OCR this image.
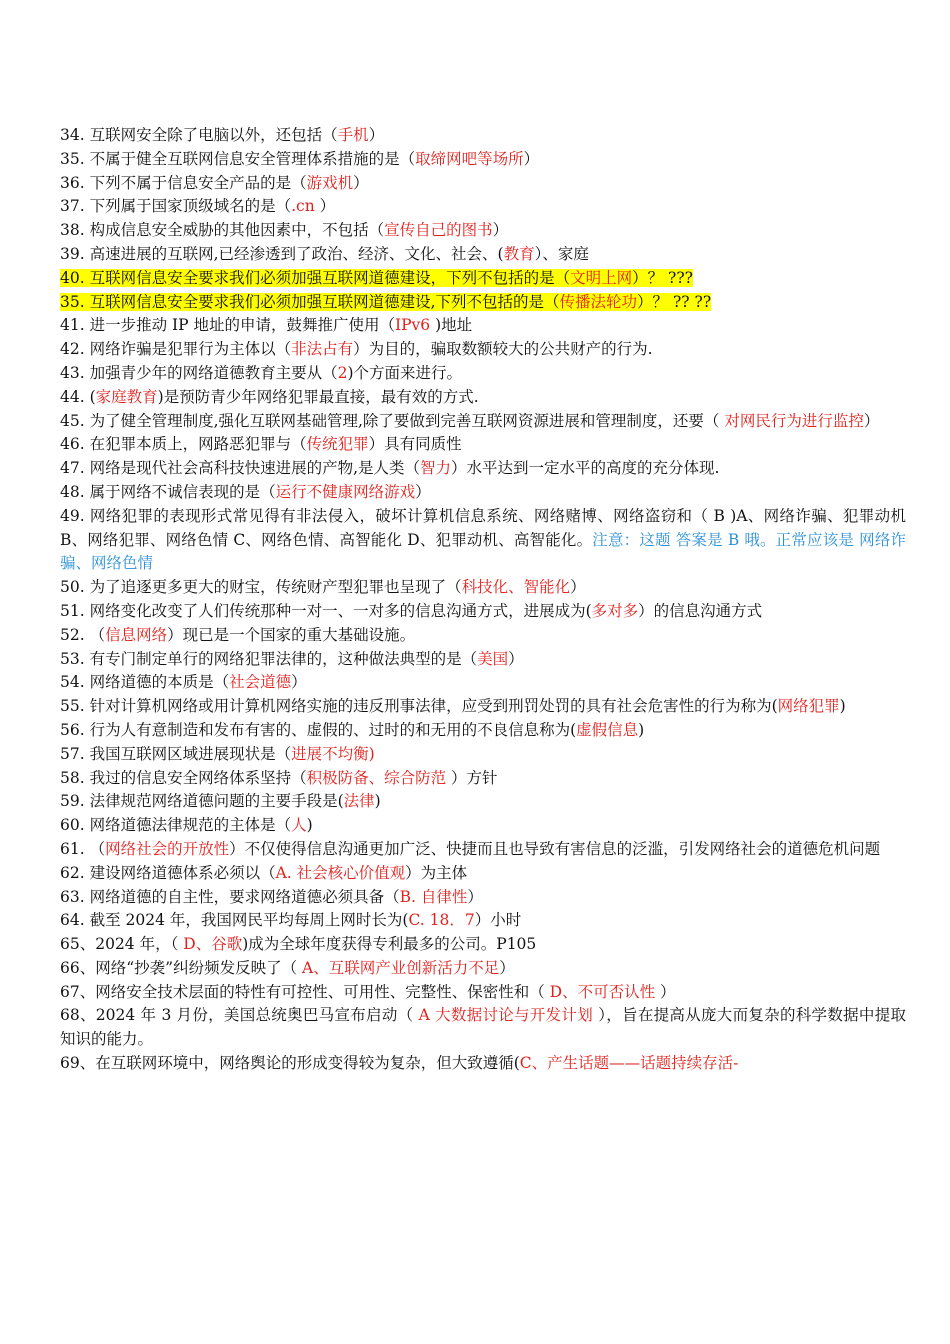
34. 互联网安全除了电脑以外，还包括（手机）
35. 不属于健全互联网信息安全管理体系措施的是（取缔网吧等场所）
36. 下列不属于信息安全产品的是（游戏机）
37. 下列属于国家顶级域名的是（.cn ）
38. 构成信息安全威胁的其他因素中，不包括（宣传自己的图书）
39. 高速进展的互联网,已经渗透到了政治、经济、文化、社会、(教育）、家庭
40. 互联网信息安全要求我们必须加强互联网道德建设，下列不包括的是（文明上网）？ ???
35. 互联网信息安全要求我们必须加强互联网道德建设,下列不包括的是（传播法轮功）？ ?? ??
41. 进一步推动 IP 地址的申请，鼓舞推广使用（IPv6 )地址
42. 网络诈骗是犯罪行为主体以（非法占有）为目的，骗取数额较大的公共财产的行为.
43. 加强青少年的网络道德教育主要从（2)个方面来进行。
44. (家庭教育)是预防青少年网络犯罪最直接，最有效的方式.
45. 为了健全管理制度,强化互联网基础管理,除了要做到完善互联网资源进展和管理制度，还要（ 对网民行为进行监控）
46. 在犯罪本质上，网路恶犯罪与（传统犯罪）具有同质性
47. 网络是现代社会高科技快速进展的产物,是人类（智力）水平达到一定水平的高度的充分体现.
48. 属于网络不诚信表现的是（运行不健康网络游戏）
49. 网络犯罪的表现形式常见得有非法侵入，破坏计算机信息系统、网络赌博、网络盗窃和（ B )A、网络诈骗、犯罪动机 B、网络犯罪、网络色情 C、网络色情、高智能化 D、犯罪动机、高智能化。注意：这题 答案是 B 哦。正常应该是 网络诈骗、网络色情
50. 为了追逐更多更大的财宝，传统财产型犯罪也呈现了（科技化、智能化）
51. 网络变化改变了人们传统那种一对一、一对多的信息沟通方式，进展成为(多对多）的信息沟通方式
52. （信息网络）现已是一个国家的重大基础设施。
53. 有专门制定单行的网络犯罪法律的，这种做法典型的是（美国）
54. 网络道德的本质是（社会道德）
55. 针对计算机网络或用计算机网络实施的违反刑事法律，应受到刑罚处罚的具有社会危害性的行为称为(网络犯罪)
56. 行为人有意制造和发布有害的、虚假的、过时的和无用的不良信息称为(虚假信息)
57. 我国互联网区域进展现状是（进展不均衡)
58. 我过的信息安全网络体系坚持（积极防备、综合防范 ）方针
59. 法律规范网络道德问题的主要手段是(法律)
60. 网络道德法律规范的主体是（人)
61. （网络社会的开放性）不仅使得信息沟通更加广泛、快捷而且也导致有害信息的泛滥，引发网络社会的道德危机问题
62. 建设网络道德体系必须以（A. 社会核心价值观）为主体
63. 网络道德的自主性，要求网络道德必须具备（B. 自律性）
64. 截至 2024 年，我国网民平均每周上网时长为(C. 18．7）小时
65、2024 年，（ D、谷歌)成为全球年度获得专利最多的公司。P105
66、网络“抄袭”纠纷频发反映了（ A、互联网产业创新活力不足）
67、网络安全技术层面的特性有可控性、可用性、完整性、保密性和（ D、不可否认性 ）
68、2024 年 3 月份，美国总统奥巴马宣布启动（ A 大数据讨论与开发计划 ），旨在提高从庞大而复杂的科学数据中提取知识的能力。
69、在互联网环境中，网络舆论的形成变得较为复杂，但大致遵循(C、产生话题——话题持续存活-
